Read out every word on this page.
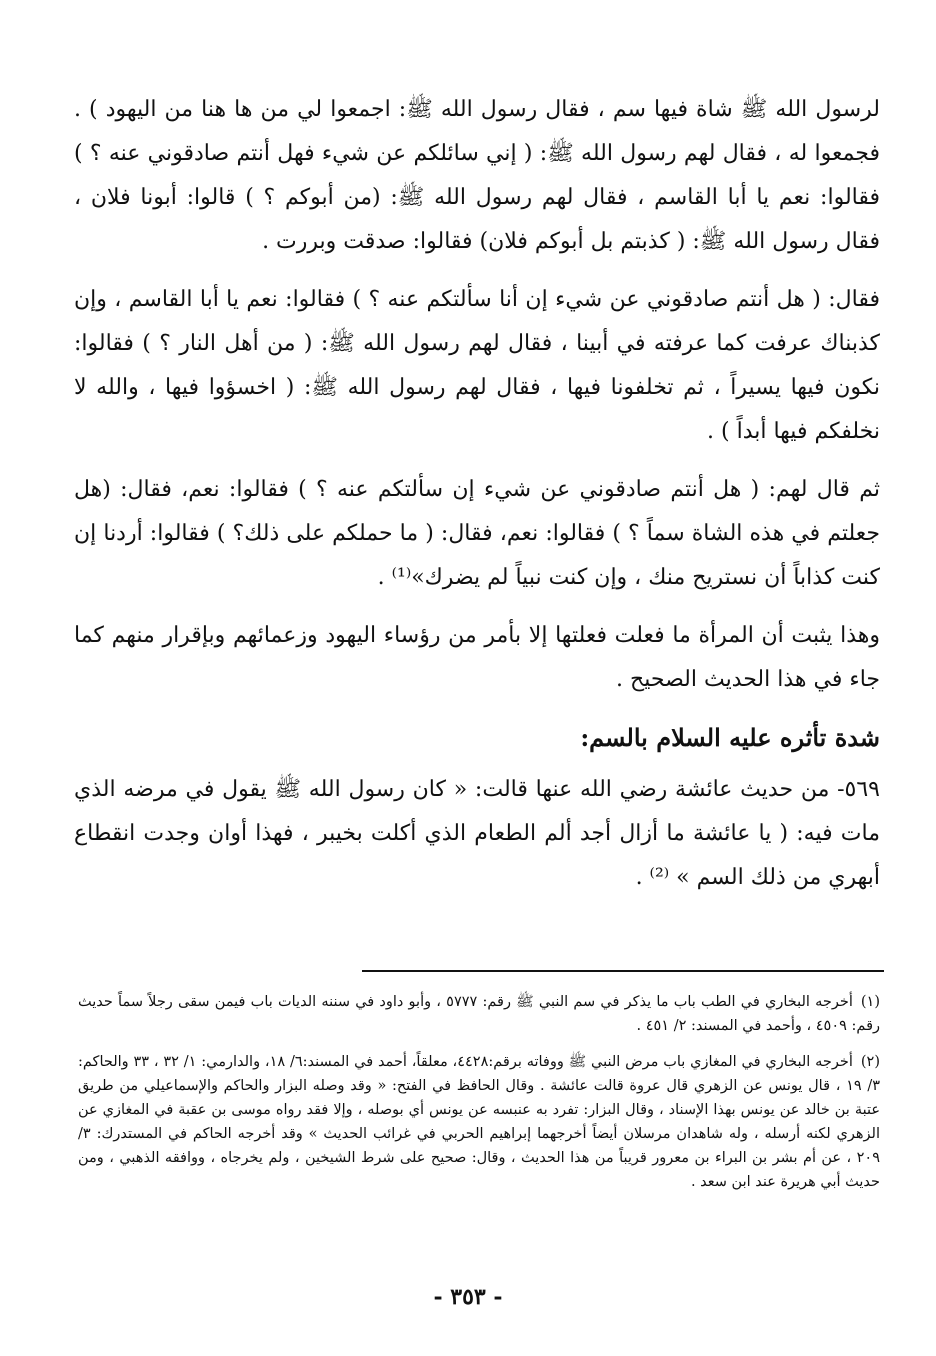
لرسول الله ﷺ شاة فيها سم ، فقال رسول الله ﷺ: اجمعوا لي من ها هنا من اليهود ) . فجمعوا له ، فقال لهم رسول الله ﷺ: ( إني سائلكم عن شيء فهل أنتم صادقوني عنه ؟ ) فقالوا: نعم يا أبا القاسم ، فقال لهم رسول الله ﷺ: (من أبوكم ؟ ) قالوا: أبونا فلان ، فقال رسول الله ﷺ: ( كذبتم بل أبوكم فلان) فقالوا: صدقت وبررت .

فقال: ( هل أنتم صادقوني عن شيء إن أنا سألتكم عنه ؟ ) فقالوا: نعم يا أبا القاسم ، وإن كذبناك عرفت كما عرفته في أبينا ، فقال لهم رسول الله ﷺ: ( من أهل النار ؟ ) فقالوا: نكون فيها يسيراً ، ثم تخلفونا فيها ، فقال لهم رسول الله ﷺ: ( اخسؤوا فيها ، والله لا نخلفكم فيها أبداً ) .

ثم قال لهم: ( هل أنتم صادقوني عن شيء إن سألتكم عنه ؟ ) فقالوا: نعم، فقال: (هل جعلتم في هذه الشاة سماً ؟ ) فقالوا: نعم، فقال: ( ما حملكم على ذلك؟ ) فقالوا: أردنا إن كنت كذاباً أن نستريح منك ، وإن كنت نبياً لم يضرك»⁽¹⁾ .

وهذا يثبت أن المرأة ما فعلت فعلتها إلا بأمر من رؤساء اليهود وزعمائهم وبإقرار منهم كما جاء في هذا الحديث الصحيح .

شدة تأثره عليه السلام بالسم:

٥٦٩- من حديث عائشة رضي الله عنها قالت: « كان رسول الله ﷺ يقول في مرضه الذي مات فيه: ( يا عائشة ما أزال أجد ألم الطعام الذي أكلت بخيبر ، فهذا أوان وجدت انقطاع أبهري من ذلك السم » ⁽²⁾ .

(١)أخرجه البخاري في الطب باب ما يذكر في سم النبي ﷺ رقم: ٥٧٧٧ ، وأبو داود في سننه الديات باب فيمن سقى رجلاً سماً حديث رقم: ٤٥٠٩ ، وأحمد في المسند: ٢/ ٤٥١ .

(٢)أخرجه البخاري في المغازي باب مرض النبي ﷺ ووفاته برقم:٤٤٢٨، معلقاً، أحمد في المسند:٦/ ١٨، والدارمي: ١/ ٣٢ ، ٣٣ والحاكم: ٣/ ١٩ ، قال يونس عن الزهري قال عروة قالت عائشة . وقال الحافظ في الفتح: « وقد وصله البزار والحاكم والإسماعيلي من طريق عتبة بن خالد عن يونس بهذا الإسناد ، وقال البزار: تفرد به عنبسه عن يونس أي بوصله ، وإلا فقد رواه موسى بن عقبة في المغازي عن الزهري لكنه أرسله ، وله شاهدان مرسلان أيضاً أخرجهما إبراهيم الحربي في غرائب الحديث » وقد أخرجه الحاكم في المستدرك: ٣/ ٢٠٩ ، عن أم بشر بن البراء بن معرور قريباً من هذا الحديث ، وقال: صحيح على شرط الشيخين ، ولم يخرجاه ، ووافقه الذهبي ، ومن حديث أبي هريرة عند ابن سعد .

- ٣٥٣ -
